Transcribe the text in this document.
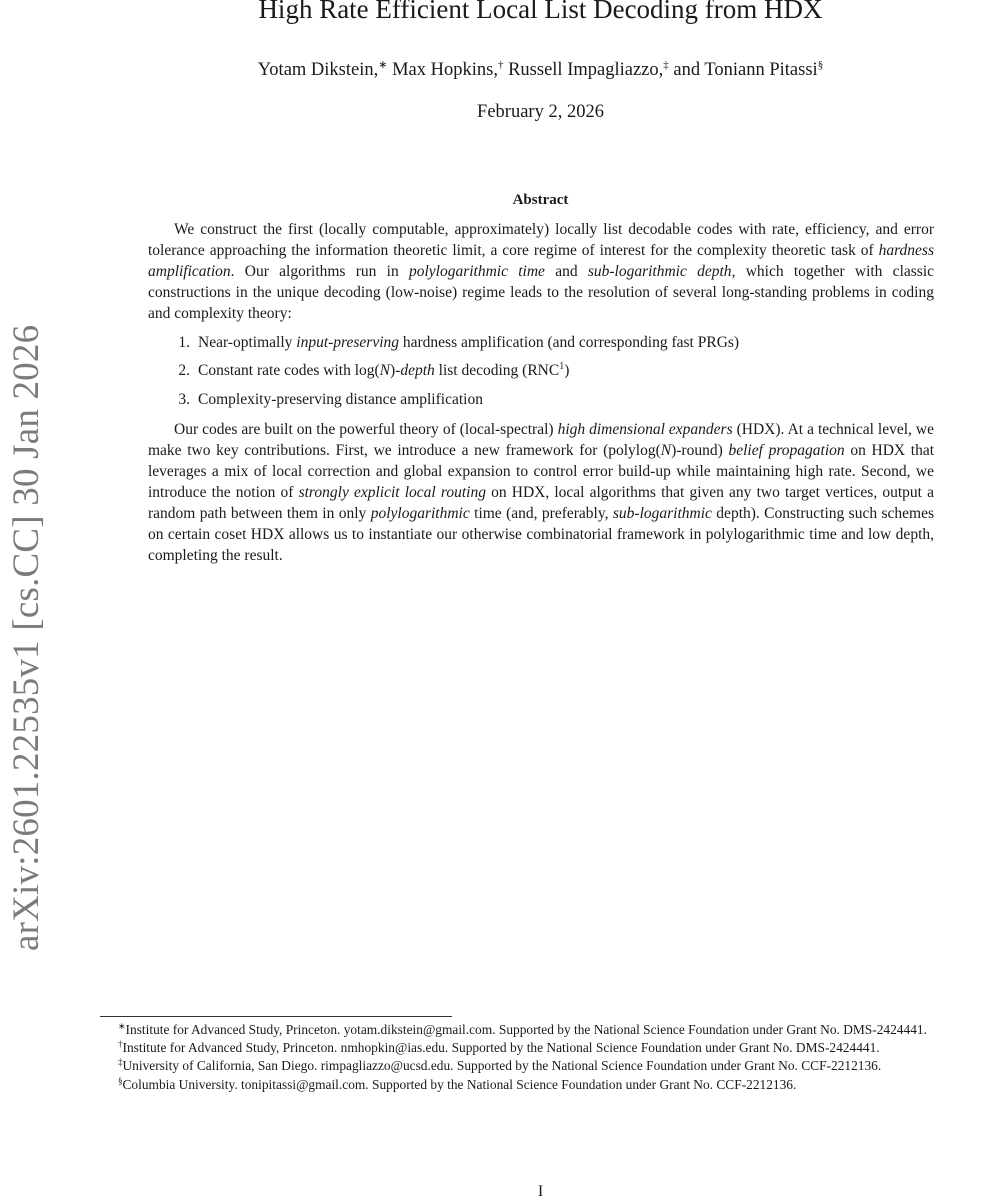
arXiv:2601.22535v1 [cs.CC] 30 Jan 2026
High Rate Efficient Local List Decoding from HDX
Yotam Dikstein,∗ Max Hopkins,† Russell Impagliazzo,‡ and Toniann Pitassi§
February 2, 2026
Abstract

We construct the first (locally computable, approximately) locally list decodable codes with rate, efficiency, and error tolerance approaching the information theoretic limit, a core regime of interest for the complexity theoretic task of hardness amplification. Our algorithms run in polylogarithmic time and sub-logarithmic depth, which together with classic constructions in the unique decoding (low-noise) regime leads to the resolution of several long-standing problems in coding and complexity theory:

1. Near-optimally input-preserving hardness amplification (and corresponding fast PRGs)
2. Constant rate codes with log(N)-depth list decoding (RNC$^1$)
3. Complexity-preserving distance amplification

Our codes are built on the powerful theory of (local-spectral) high dimensional expanders (HDX). At a technical level, we make two key contributions. First, we introduce a new framework for (polylog(N)-round) belief propagation on HDX that leverages a mix of local correction and global expansion to control error build-up while maintaining high rate. Second, we introduce the notion of strongly explicit local routing on HDX, local algorithms that given any two target vertices, output a random path between them in only polylogarithmic time (and, preferably, sub-logarithmic depth). Constructing such schemes on certain coset HDX allows us to instantiate our otherwise combinatorial framework in polylogarithmic time and low depth, completing the result.

∗Institute for Advanced Study, Princeton. yotam.dikstein@gmail.com. Supported by the National Science Foundation under Grant No. DMS-2424441.

†Institute for Advanced Study, Princeton. nmhopkin@ias.edu. Supported by the National Science Foundation under Grant No. DMS-2424441.

‡University of California, San Diego. rimpagliazzo@ucsd.edu. Supported by the National Science Foundation under Grant No. CCF-2212136.

§Columbia University. tonipitassi@gmail.com. Supported by the National Science Foundation under Grant No. CCF-2212136.

I
